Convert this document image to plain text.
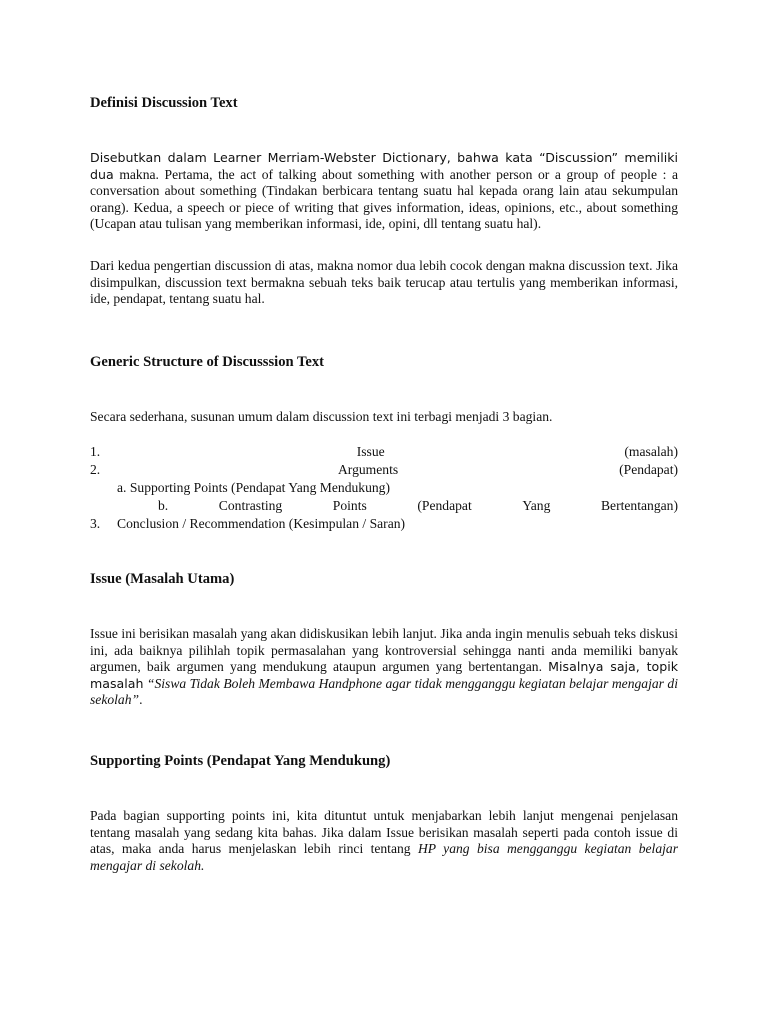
Definisi Discussion Text

Disebutkan dalam Learner Merriam-Webster Dictionary, bahwa kata “Discussion” memiliki dua makna. Pertama, the act of talking about something with another person or a group of people : a conversation about something (Tindakan berbicara tentang suatu hal kepada orang lain atau sekumpulan orang). Kedua, a speech or piece of writing that gives information, ideas, opinions, etc., about something (Ucapan atau tulisan yang memberikan informasi, ide, opini, dll tentang suatu hal).

Dari kedua pengertian discussion di atas, makna nomor dua lebih cocok dengan makna discussion text. Jika disimpulkan, discussion text bermakna sebuah teks baik terucap atau tertulis yang memberikan informasi, ide, pendapat, tentang suatu hal.

Generic Structure of Discusssion Text

Secara sederhana, susunan umum dalam discussion text ini terbagi menjadi 3 bagian.

1.	Issue	(masalah)
2.	Arguments	(Pendapat)
a. Supporting Points (Pendapat Yang Mendukung)
b.	Contrasting	Points	(Pendapat	Yang	Bertentangan)
3. Conclusion / Recommendation (Kesimpulan / Saran)
Issue (Masalah Utama)

Issue ini berisikan masalah yang akan didiskusikan lebih lanjut. Jika anda ingin menulis sebuah teks diskusi ini, ada baiknya pilihlah topik permasalahan yang kontroversial sehingga nanti anda memiliki banyak argumen, baik argumen yang mendukung ataupun argumen yang bertentangan. Misalnya saja, topik masalah “Siswa Tidak Boleh Membawa Handphone agar tidak mengganggu kegiatan belajar mengajar di sekolah”.

Supporting Points (Pendapat Yang Mendukung)

Pada bagian supporting points ini, kita dituntut untuk menjabarkan lebih lanjut mengenai penjelasan tentang masalah yang sedang kita bahas. Jika dalam Issue berisikan masalah seperti pada contoh issue di atas, maka anda harus menjelaskan lebih rinci tentang HP yang bisa mengganggu kegiatan belajar mengajar di sekolah.
